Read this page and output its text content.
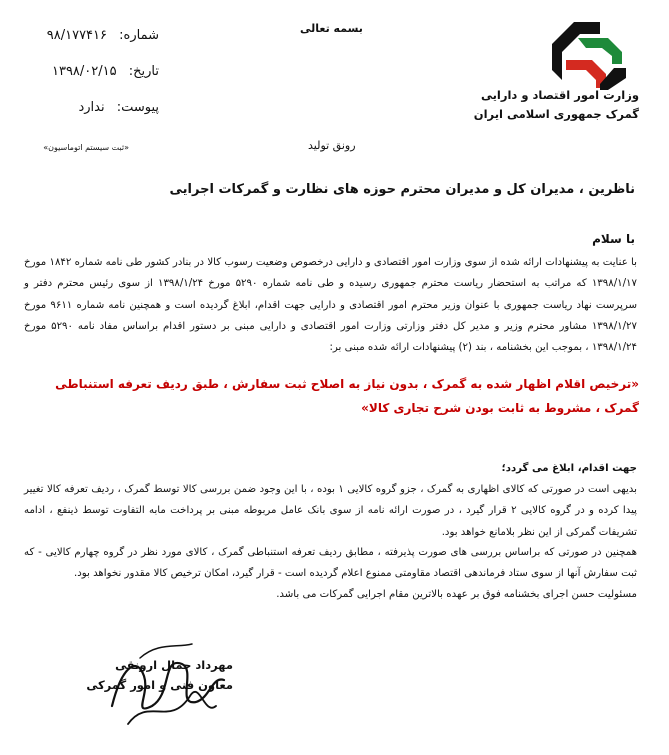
وزارت امور اقتصاد و دارایی
گمرک جمهوری اسلامی ایران
بسمه تعالی
رونق تولید
شماره: ۹۸/۱۷۷۴۱۶
تاریخ: ۱۳۹۸/۰۲/۱۵
پیوست: ندارد
«ثبت سیستم اتوماسیون»
ناظرین ، مدیران کل و مدیران محترم حوزه های نظارت و گمرکات اجرایی
با سلام
با عنایت به پیشنهادات ارائه شده از سوی وزارت امور اقتصادی و دارایی درخصوص وضعیت رسوب کالا در بنادر کشور طی نامه شماره ۱۸۴۲ مورخ ۱۳۹۸/۱/۱۷ که مراتب به استحضار ریاست محترم جمهوری رسیده و طی نامه شماره ۵۲۹۰ مورخ ۱۳۹۸/۱/۲۴ از سوی رئیس محترم دفتر و سرپرست نهاد ریاست جمهوری با عنوان وزیر محترم امور اقتصادی و دارایی جهت اقدام، ابلاغ گردیده است و همچنین نامه شماره ۹۶۱۱ مورخ ۱۳۹۸/۱/۲۷ مشاور محترم وزیر و مدیر کل دفتر وزارتی وزارت امور اقتصادی و دارایی مبنی بر دستور اقدام براساس مفاد نامه ۵۲۹۰ مورخ ۱۳۹۸/۱/۲۴ ، بموجب این بخشنامه ، بند (۲) پیشنهادات ارائه شده مبنی بر:
«ترخیص اقلام اظهار شده به گمرک ، بدون نیاز به اصلاح ثبت سفارش ، طبق ردیف تعرفه استنباطی گمرک ، مشروط به ثابت بودن شرح تجاری کالا»
جهت اقدام، ابلاغ می گردد؛
بدیهی است در صورتی که کالای اظهاری به گمرک ، جزو گروه کالایی ۱ بوده ، با این وجود ضمن بررسی کالا توسط گمرک ، ردیف تعرفه کالا تغییر پیدا کرده و در گروه کالایی ۲ قرار گیرد ، در صورت ارائه نامه از سوی بانک عامل مربوطه مبنی بر پرداخت مابه التفاوت توسط ذینفع ، ادامه تشریفات گمرکی از این نظر بلامانع خواهد بود.
همچنین در صورتی که براساس بررسی های صورت پذیرفته ، مطابق ردیف تعرفه استنباطی گمرک ، کالای مورد نظر در گروه چهارم کالایی - که ثبت سفارش آنها از سوی ستاد فرماندهی اقتصاد مقاومتی ممنوع اعلام گردیده است - قرار گیرد، امکان ترخیص کالا مقدور نخواهد بود.
مسئولیت حسن اجرای بخشنامه فوق بر عهده بالاترین مقام اجرایی گمرکات می باشد.
مهرداد جمال ارونقی
معاون فنی و امور گمرکی
